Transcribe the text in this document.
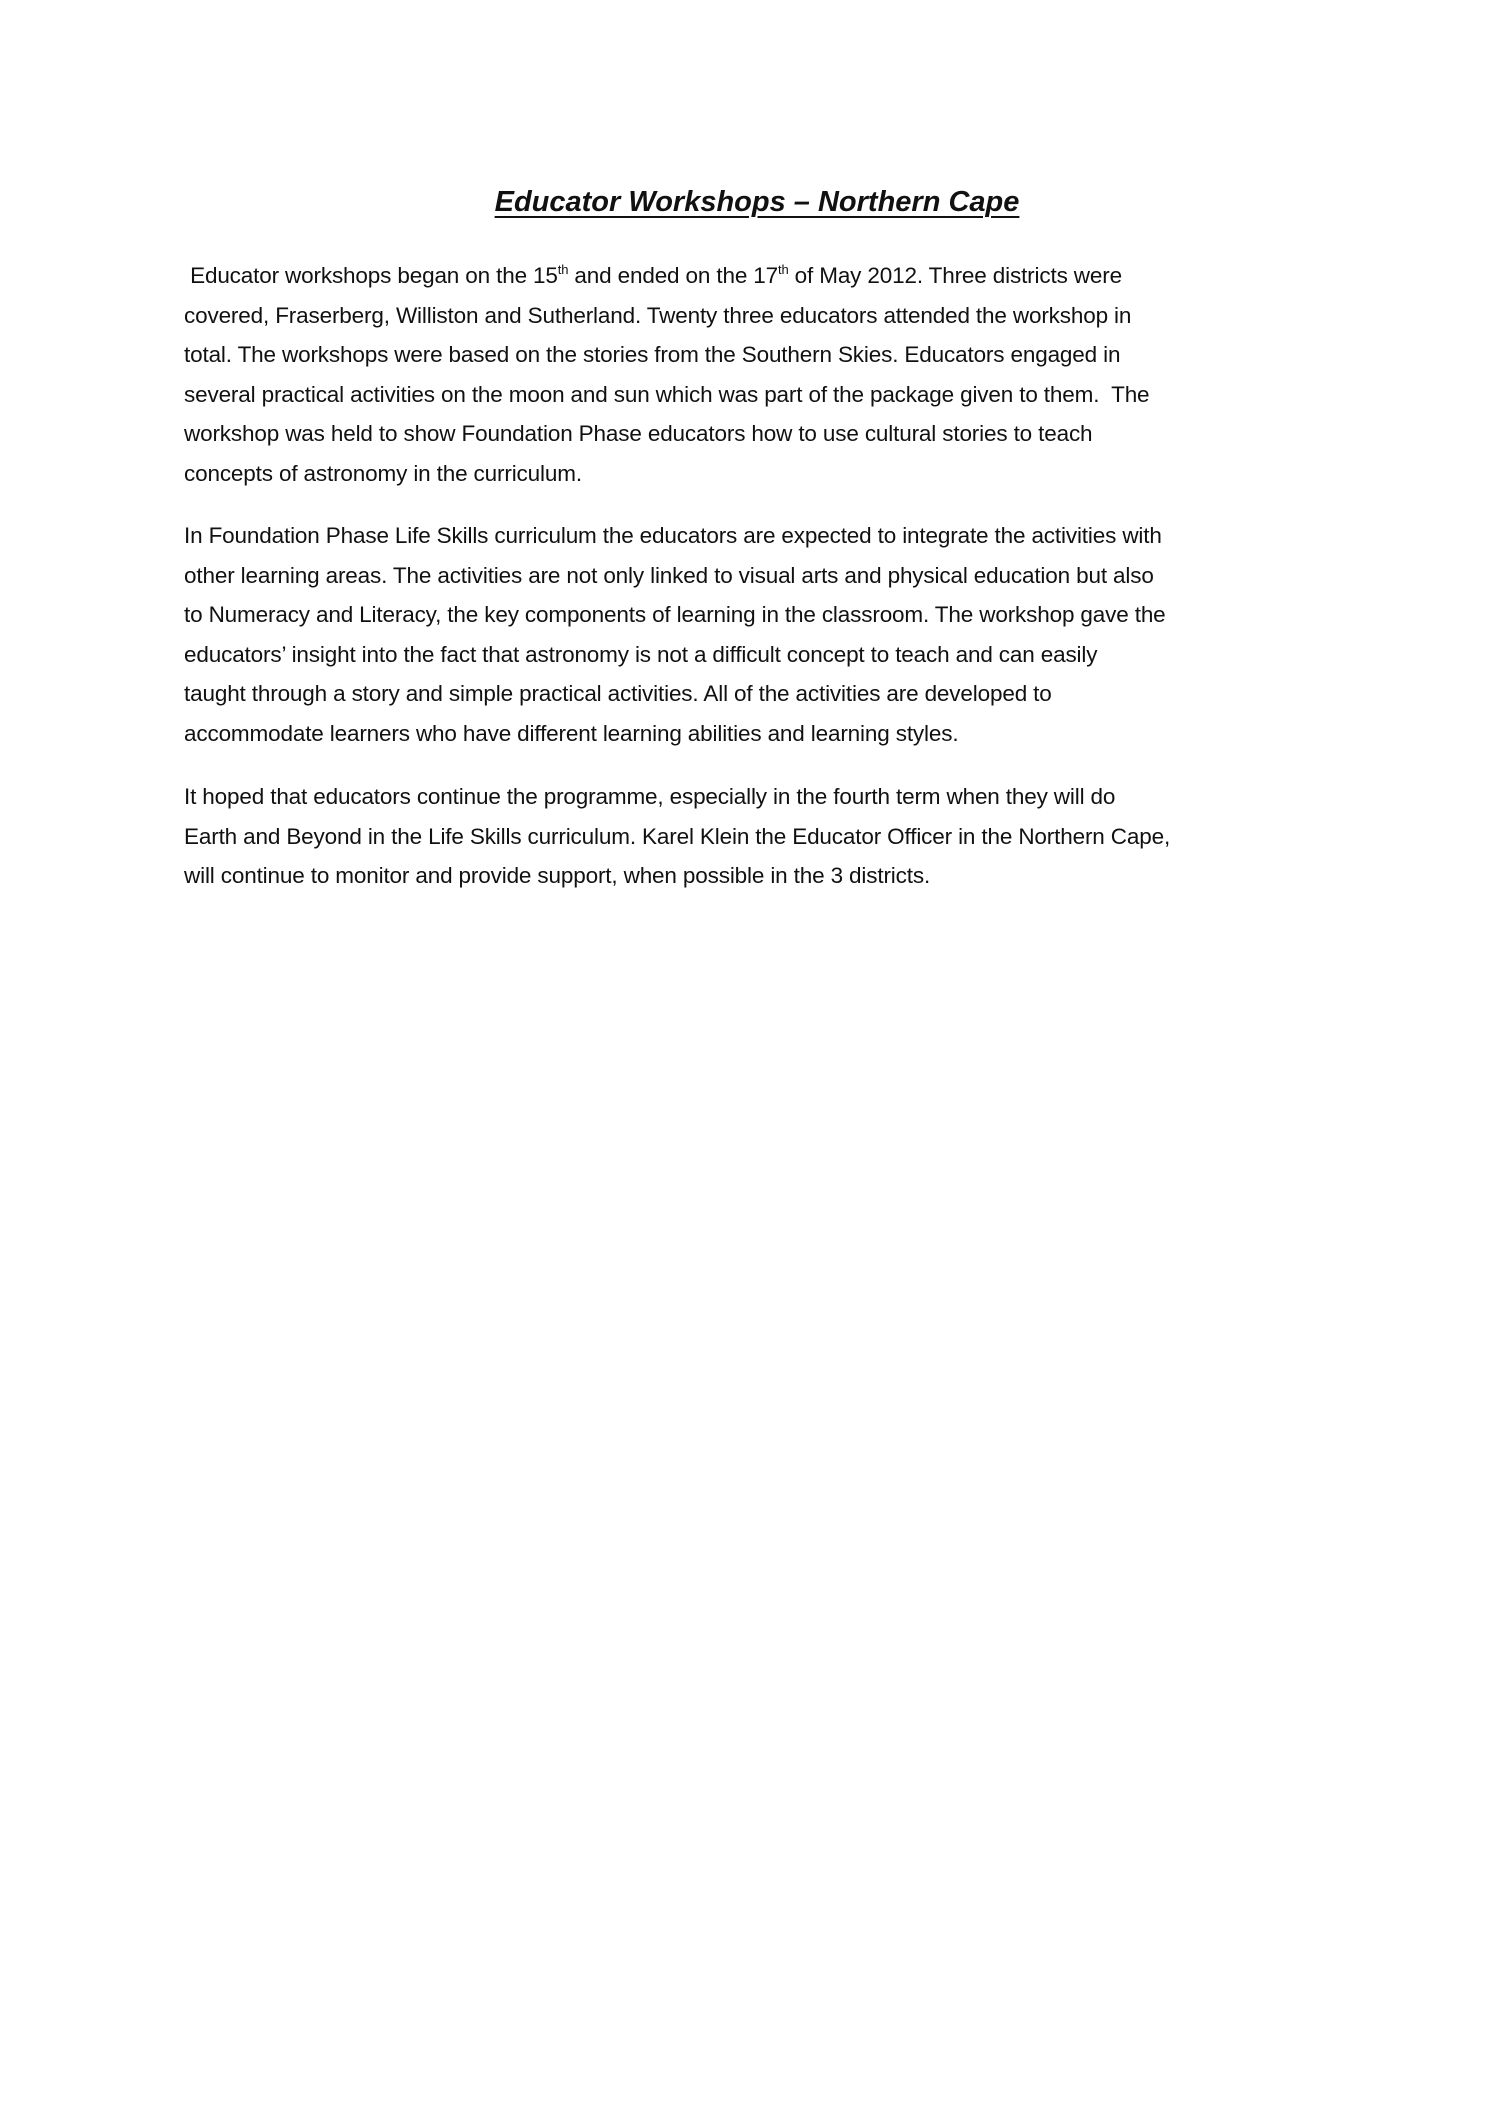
Educator Workshops – Northern Cape
Educator workshops began on the 15th and ended on the 17th of May 2012. Three districts were
covered, Fraserberg, Williston and Sutherland. Twenty three educators attended the workshop in
total. The workshops were based on the stories from the Southern Skies. Educators engaged in
several practical activities on the moon and sun which was part of the package given to them.  The
workshop was held to show Foundation Phase educators how to use cultural stories to teach
concepts of astronomy in the curriculum.
In Foundation Phase Life Skills curriculum the educators are expected to integrate the activities with
other learning areas. The activities are not only linked to visual arts and physical education but also
to Numeracy and Literacy, the key components of learning in the classroom. The workshop gave the
educators’ insight into the fact that astronomy is not a difficult concept to teach and can easily
taught through a story and simple practical activities. All of the activities are developed to
accommodate learners who have different learning abilities and learning styles.
It hoped that educators continue the programme, especially in the fourth term when they will do
Earth and Beyond in the Life Skills curriculum. Karel Klein the Educator Officer in the Northern Cape,
will continue to monitor and provide support, when possible in the 3 districts.
